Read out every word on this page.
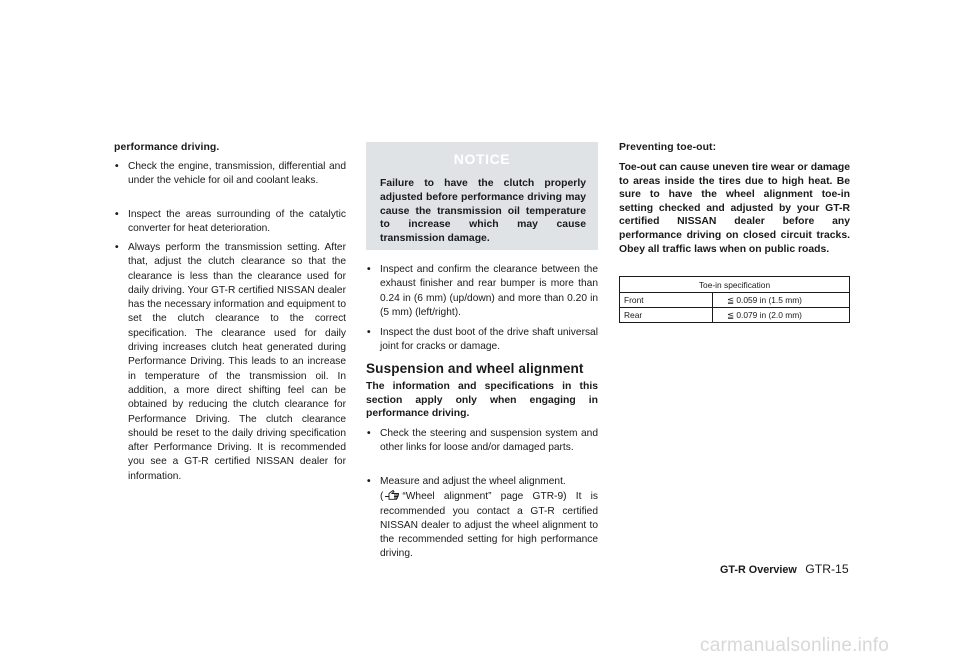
performance driving.
• Check the engine, transmission, differential and under the vehicle for oil and coolant leaks.
• Inspect the areas surrounding of the catalytic converter for heat deterioration.
• Always perform the transmission setting. After that, adjust the clutch clearance so that the clearance is less than the clearance used for daily driving. Your GT-R certified NISSAN dealer has the necessary information and equipment to set the clutch clearance to the correct specification. The clearance used for daily driving increases clutch heat generated during Performance Driving. This leads to an increase in temperature of the transmission oil. In addition, a more direct shifting feel can be obtained by reducing the clutch clearance for Performance Driving. The clutch clearance should be reset to the daily driving specification after Performance Driving. It is recommended you see a GT-R certified NISSAN dealer for information.
NOTICE
Failure to have the clutch properly adjusted before performance driving may cause the transmission oil temperature to increase which may cause transmission damage.
• Inspect and confirm the clearance between the exhaust finisher and rear bumper is more than 0.24 in (6 mm) (up/down) and more than 0.20 in (5 mm) (left/right).
• Inspect the dust boot of the drive shaft universal joint for cracks or damage.
Suspension and wheel alignment
The information and specifications in this section apply only when engaging in performance driving.
• Check the steering and suspension system and other links for loose and/or damaged parts.
• Measure and adjust the wheel alignment.
( “Wheel alignment” page GTR-9) It is recommended you contact a GT-R certified NISSAN dealer to adjust the wheel alignment to the recommended setting for high performance driving.
Preventing toe-out:
Toe-out can cause uneven tire wear or damage to areas inside the tires due to high heat. Be sure to have the wheel alignment toe-in setting checked and adjusted by your GT-R certified NISSAN dealer before any performance driving on closed circuit tracks. Obey all traffic laws when on public roads.
Toe-in specification	
Front	≦ 0.059 in (1.5 mm)
Rear	≦ 0.079 in (2.0 mm)
GT-R Overview GTR-15
carmanualsonline.info
